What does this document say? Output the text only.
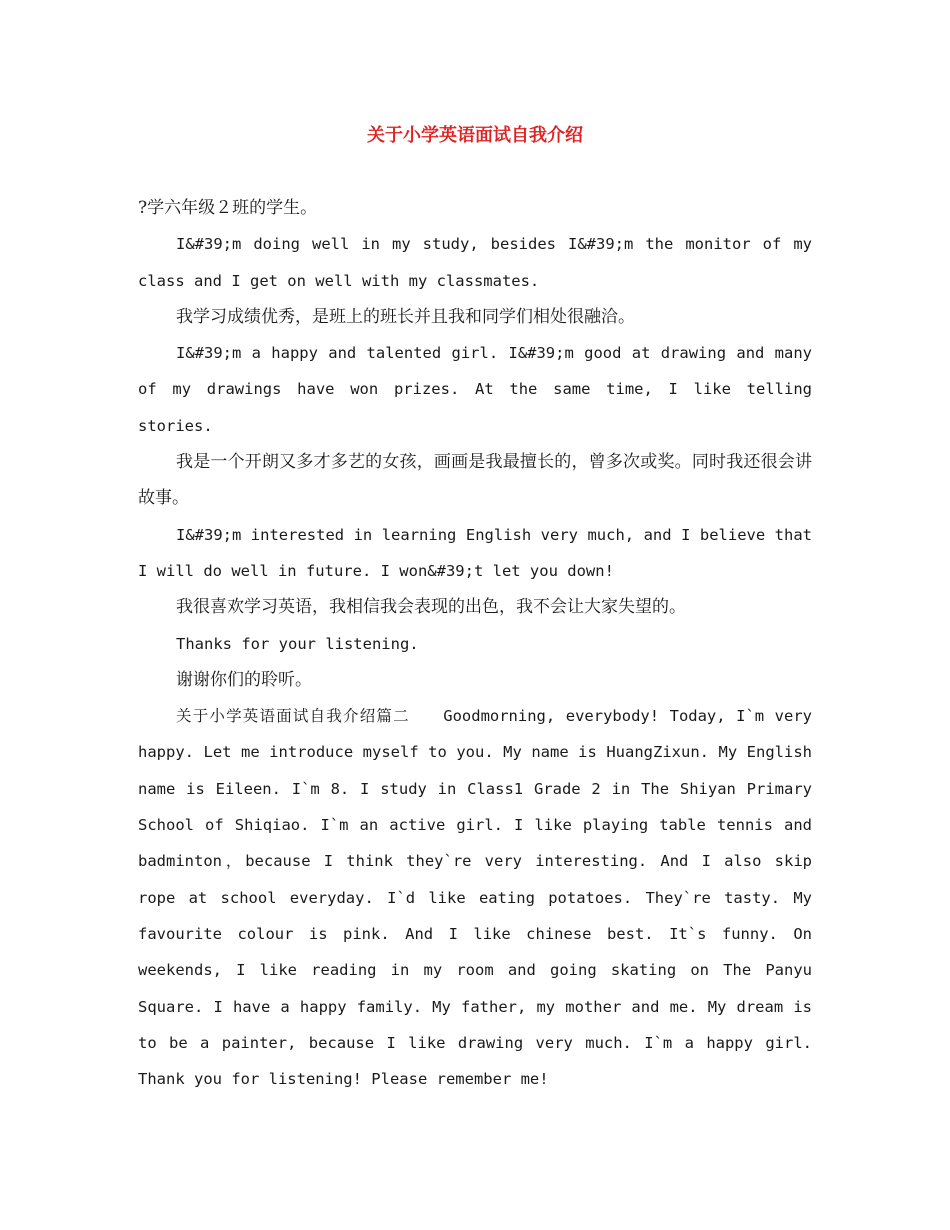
关于小学英语面试自我介绍

?学六年级２班的学生。

I&#39;m doing well in my study, besides I&#39;m the monitor of my class and I get on well with my classmates.

我学习成绩优秀，是班上的班长并且我和同学们相处很融洽。

I&#39;m a happy and talented girl. I&#39;m good at drawing and many of my drawings have won prizes. At the same time, I like telling stories.

我是一个开朗又多才多艺的女孩，画画是我最擅长的，曾多次或奖。同时我还很会讲故事。

I&#39;m interested in learning English very much, and I believe that I will do well in future. I won&#39;t let you down!

我很喜欢学习英语，我相信我会表现的出色，我不会让大家失望的。

Thanks for your listening.

谢谢你们的聆听。

关于小学英语面试自我介绍篇二　　Goodmorning, everybody! Today, I`m very happy. Let me introduce myself to you. My name is HuangZixun. My English name is Eileen. I`m 8. I study in Class1 Grade 2 in The Shiyan Primary School of Shiqiao. I`m an active girl. I like playing table tennis and badminton，because I think they`re very interesting. And I also skip rope at school everyday. I`d like eating potatoes. They`re tasty. My favourite colour is pink. And I like chinese best. It`s funny. On weekends, I like reading in my room and going skating on The Panyu Square. I have a happy family. My father, my mother and me. My dream is to be a painter, because I like drawing very much. I`m a happy girl. Thank you for listening! Please remember me!
